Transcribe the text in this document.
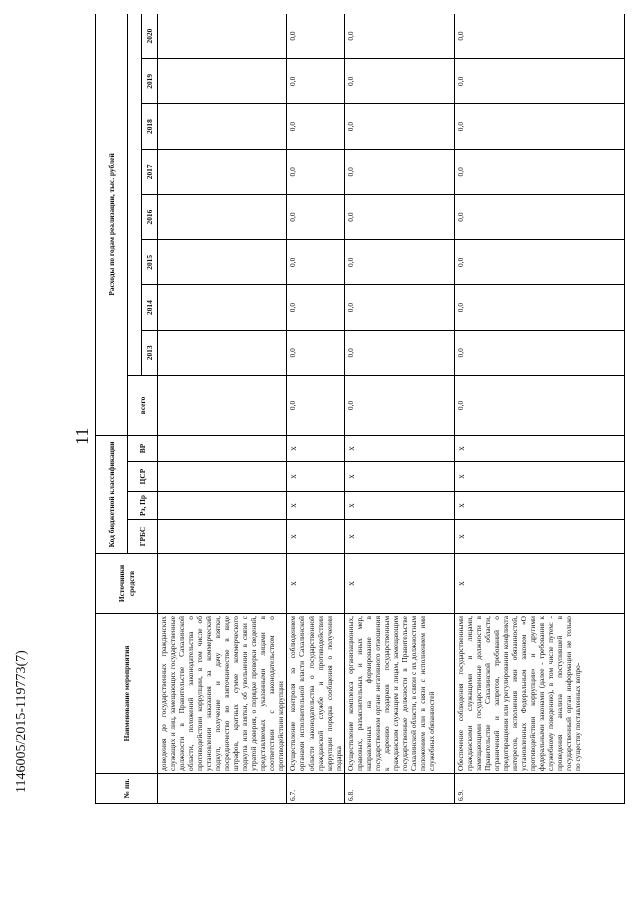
11
1146005/2015-119773(7)	№ пп.	Наименование мероприятия	Источники средств	Код бюджетной классификации				Расходы по годам реализации, тыс. рублей								
			ГРБС	Рз, Пр	ЦСР	ВР	всего								
								2013	2014	2015	2016	2017	2018	2019	2020
	доведения до государственных гражданских служащих и лиц, замещающих государственные должности в Правительстве Сахалинской области, положений законодательства о противодействии коррупции, в том числе об установлении наказания за коммерческий подкуп, получение и дачу взятки, посредничество во взяточничестве в виде штрафов, кратных сумме коммерческого подкупа или взятки, об увольнении в связи с утратой доверия, о порядке проверки сведений, представляемых указанными лицами в соответствии с законодательством о противодействии коррупции														
6.7.	Осуществление контроля за соблюдением органами исполнительной власти Сахалинской области законодательства о государственной гражданской службе и противодействии коррупции порядка сообщения о получении подарка	x	x	x	x	x	0,0	0,0	0,0	0,0	0,0	0,0	0,0	0,0	0,0
6.8.	Осуществление комплекса организационных, правовых, разъяснительных и иных мер, направленных на формирование в государственном органе негативного отношения к дарению подарков государственным гражданским служащим и лицам, замещающим государственные должности в Правительстве Сахалинской области, в связи с их должностным положением или в связи с исполнением ими служебных обязанностей	x	x	x	x	x	0,0	0,0	0,0	0,0	0,0	0,0	0,0	0,0	0,0
6.9.	Обеспечение соблюдения государственными гражданскими служащими и лицами, замещающими государственные должности в Правительстве Сахалинской области, ограничений и запретов, требований о предотвращении или урегулировании конфликта интересов, исполнения ими обязанностей, установленных Федеральным законом «О противодействии коррупции» и другими федеральными законами (далее - требования к служебному поведению), в том числе путем: - проведения анализа поступившей в государственный орган информации не только по существу поставленных вопро-	x	x	x	x	x	0,0	0,0	0,0	0,0	0,0	0,0	0,0	0,0	0,0
